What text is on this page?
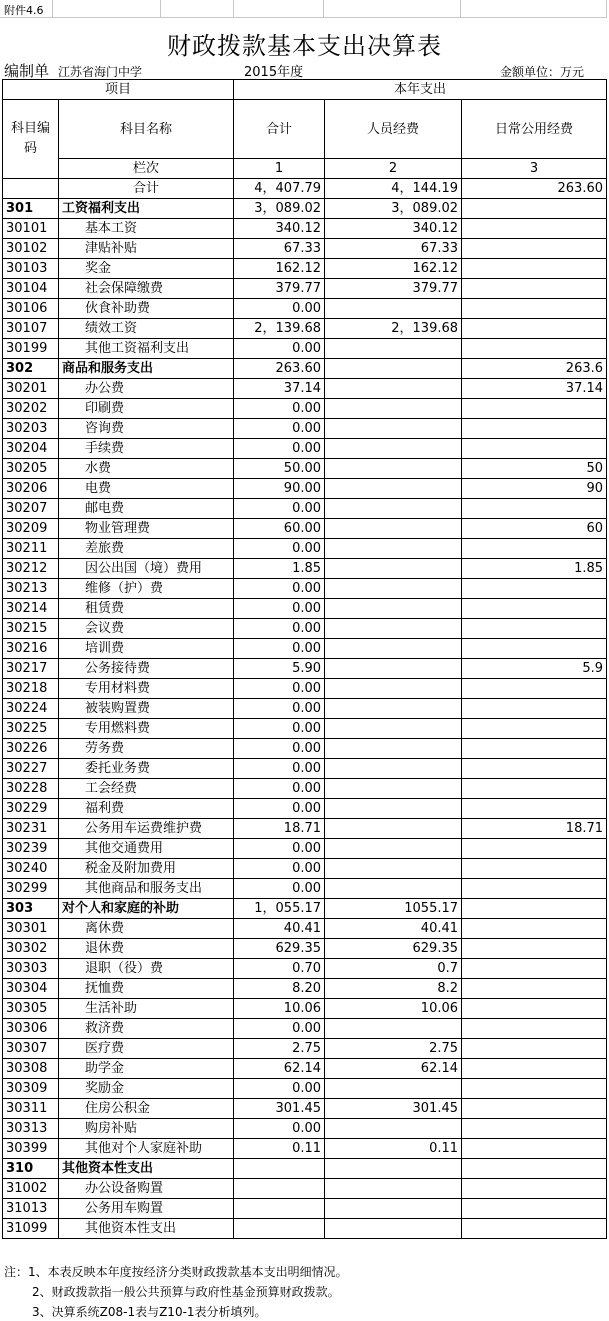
附件4.6
财政拨款基本支出决算表
编制单 江苏省海门中学	2015年度	金额单位：万元
项目		本年支出		
科目编码	科目名称	合计	人员经费	日常公用经费
	栏次	1	2	3
	合计	4，407.79	4，144.19	263.60
301	工资福利支出	3，089.02	3，089.02	
30101	基本工资	340.12	340.12	
30102	津贴补贴	67.33	67.33	
30103	奖金	162.12	162.12	
30104	社会保障缴费	379.77	379.77	
30106	伙食补助费	0.00		
30107	绩效工资	2，139.68	2，139.68	
30199	其他工资福利支出	0.00		
302	商品和服务支出	263.60		263.6
30201	办公费	37.14		37.14
30202	印刷费	0.00		
30203	咨询费	0.00		
30204	手续费	0.00		
30205	水费	50.00		50
30206	电费	90.00		90
30207	邮电费	0.00		
30209	物业管理费	60.00		60
30211	差旅费	0.00		
30212	因公出国（境）费用	1.85		1.85
30213	维修（护）费	0.00		
30214	租赁费	0.00		
30215	会议费	0.00		
30216	培训费	0.00		
30217	公务接待费	5.90		5.9
30218	专用材料费	0.00		
30224	被装购置费	0.00		
30225	专用燃料费	0.00		
30226	劳务费	0.00		
30227	委托业务费	0.00		
30228	工会经费	0.00		
30229	福利费	0.00		
30231	公务用车运费维护费	18.71		18.71
30239	其他交通费用	0.00		
30240	税金及附加费用	0.00		
30299	其他商品和服务支出	0.00		
303	对个人和家庭的补助	1，055.17	1055.17	
30301	离休费	40.41	40.41	
30302	退休费	629.35	629.35	
30303	退职（役）费	0.70	0.7	
30304	抚恤费	8.20	8.2	
30305	生活补助	10.06	10.06	
30306	救济费	0.00		
30307	医疗费	2.75	2.75	
30308	助学金	62.14	62.14	
30309	奖励金	0.00		
30311	住房公积金	301.45	301.45	
30313	购房补贴	0.00		
30399	其他对个人家庭补助	0.11	0.11	
310	其他资本性支出			
31002	办公设备购置			
31013	公务用车购置			
31099	其他资本性支出			
注：1、本表反映本年度按经济分类财政拨款基本支出明细情况。
2、财政拨款指一般公共预算与政府性基金预算财政拨款。
3、决算系统Z08-1表与Z10-1表分析填列。
